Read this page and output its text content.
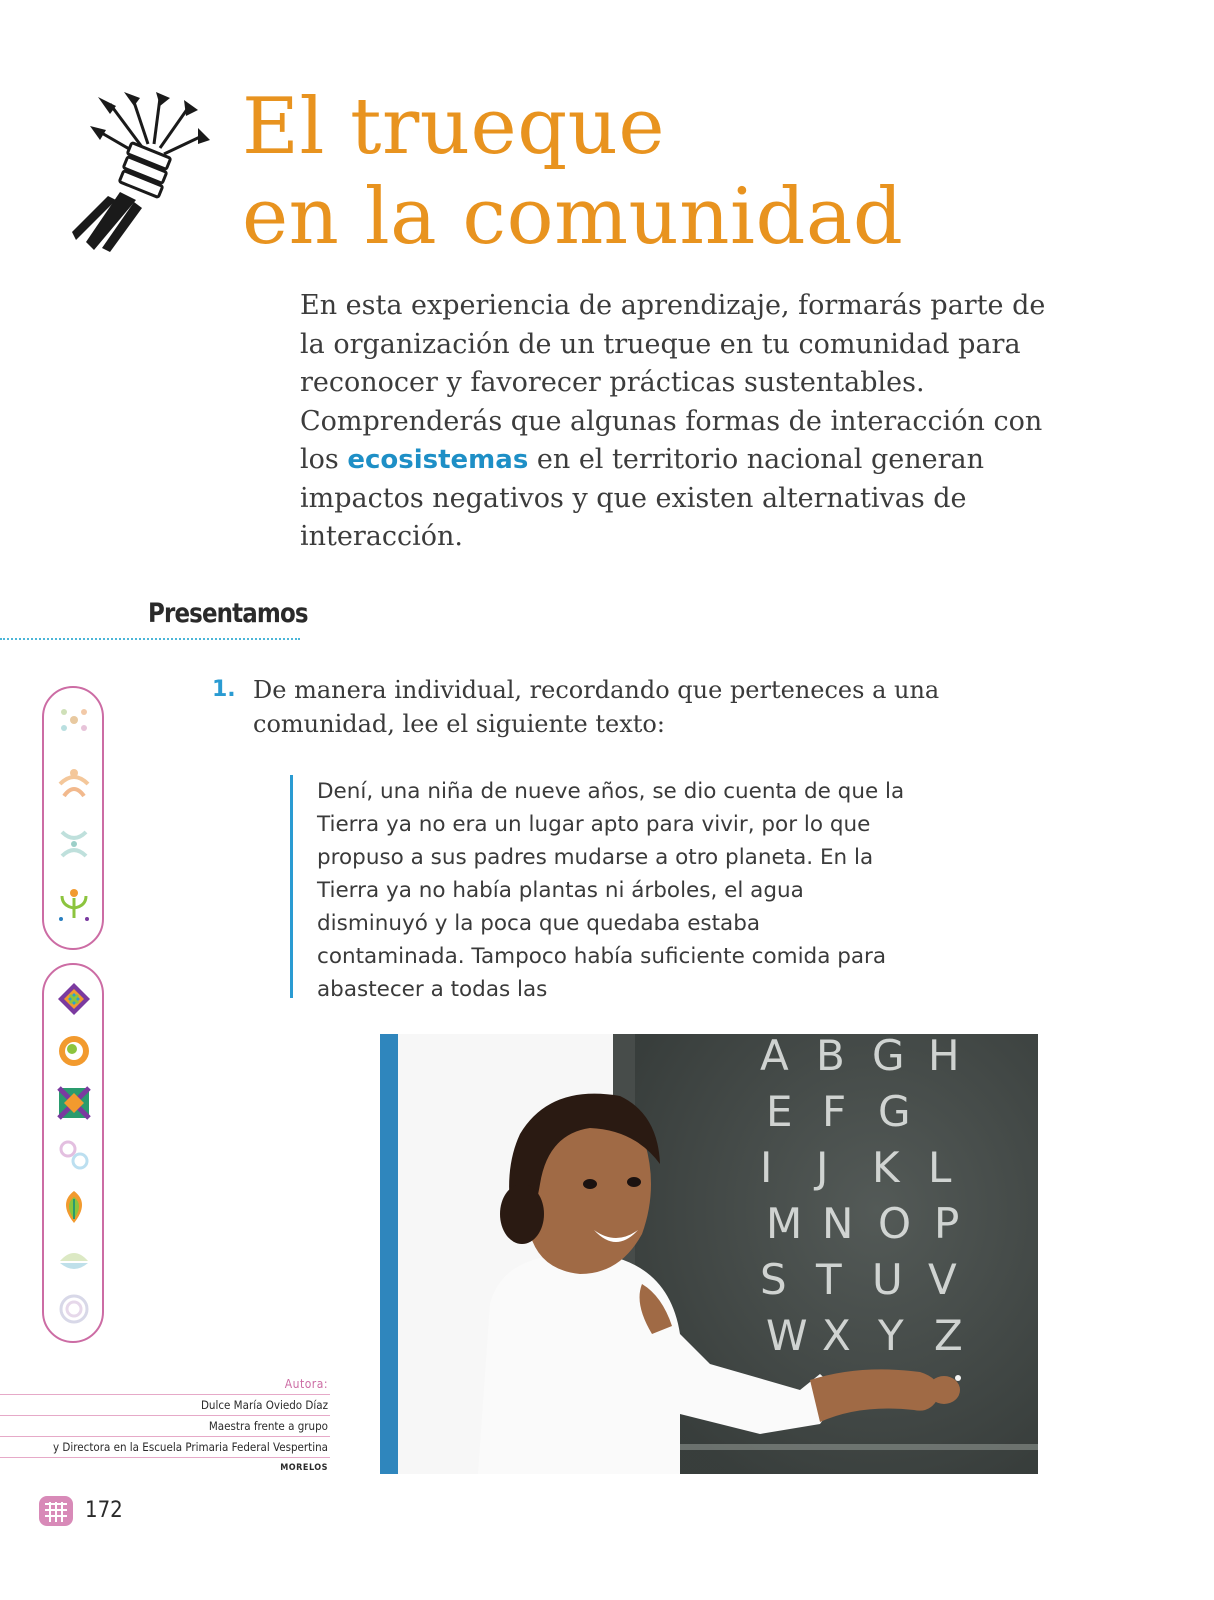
El trueque
en la comunidad

En esta experiencia de aprendizaje, formarás parte de la organización de un trueque en tu comunidad para reconocer y favorecer prácticas sustentables. Comprenderás que algunas formas de interacción con los ecosistemas en el territorio nacional generan impactos negativos y que existen alternativas de interacción.

Presentamos
1. De manera individual, recordando que perteneces a una comunidad, lee el siguiente texto:

Dení, una niña de nueve años, se dio cuenta de que la Tierra ya no era un lugar apto para vivir, por lo que propuso a sus padres mudarse a otro planeta. En la Tierra ya no había plantas ni árboles, el agua disminuyó y la poca que quedaba estaba contaminada. Tampoco había suficiente comida para abastecer a todas las

A B G H
E F G
I J K L
M N O P
S T U V
W X Y Z
Autora:
Dulce María Oviedo Díaz
Maestra frente a grupo
y Directora en la Escuela Primaria Federal Vespertina
MORELOS
172
